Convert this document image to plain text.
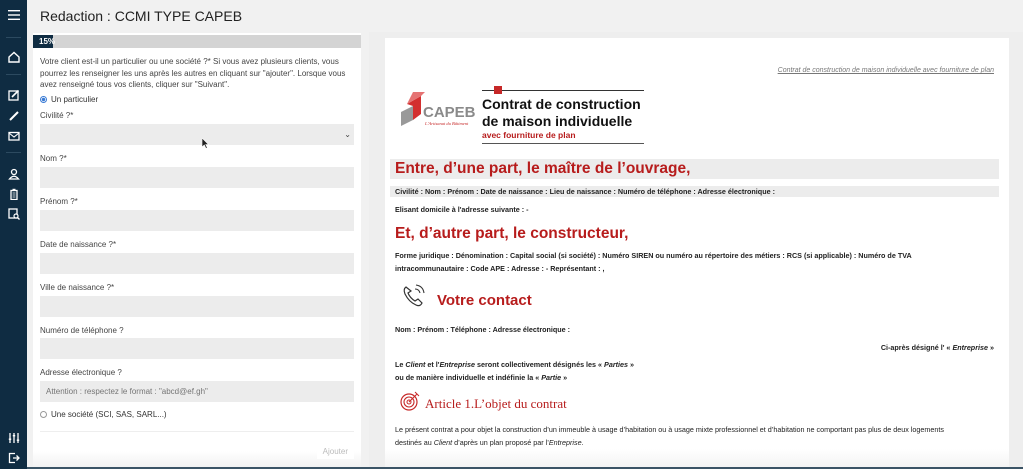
Redaction : CCMI TYPE CAPEB
15%
Votre client est-il un particulier ou une société ?* Si vous avez plusieurs clients, vous pourrez les renseigner les uns après les autres en cliquant sur "ajouter". Lorsque vous avez renseigné tous vos clients, cliquer sur "Suivant".
Un particulier
Civilité ?*
⌄
Nom ?*
Prénom ?*
Date de naissance ?*
Ville de naissance ?*
Numéro de téléphone ?
Adresse électronique ?
Attention : respectez le format : "abcd@ef.gh"
Une société (SCI, SAS, SARL...)
Ajouter
Contrat de construction de maison individuelle avec fourniture de plan
CAPEB
L'Artisanat du Bâtiment
Contrat de construction
de maison individuelle
avec fourniture de plan
Entre, d’une part, le maître de l’ouvrage,
Civilité : Nom : Prénom : Date de naissance : Lieu de naissance : Numéro de téléphone : Adresse électronique :
Elisant domicile à l'adresse suivante : -
Et, d’autre part, le constructeur,
Forme juridique : Dénomination : Capital social (si société) : Numéro SIREN ou numéro au répertoire des métiers : RCS (si applicable) : Numéro de TVA
intracommunautaire : Code APE : Adresse : - Représentant : ,
Votre contact
Nom : Prénom : Téléphone : Adresse électronique :
Ci-après désigné l' « Entreprise »
Le Client et l'Entreprise seront collectivement désignés les « Parties »
ou de manière individuelle et indéfinie la « Partie »
Article 1.L’objet du contrat
Le présent contrat a pour objet la construction d’un immeuble à usage d’habitation ou à usage mixte professionnel et d’habitation ne comportant pas plus de deux logements
destinés au Client d’après un plan proposé par l’Entreprise.
